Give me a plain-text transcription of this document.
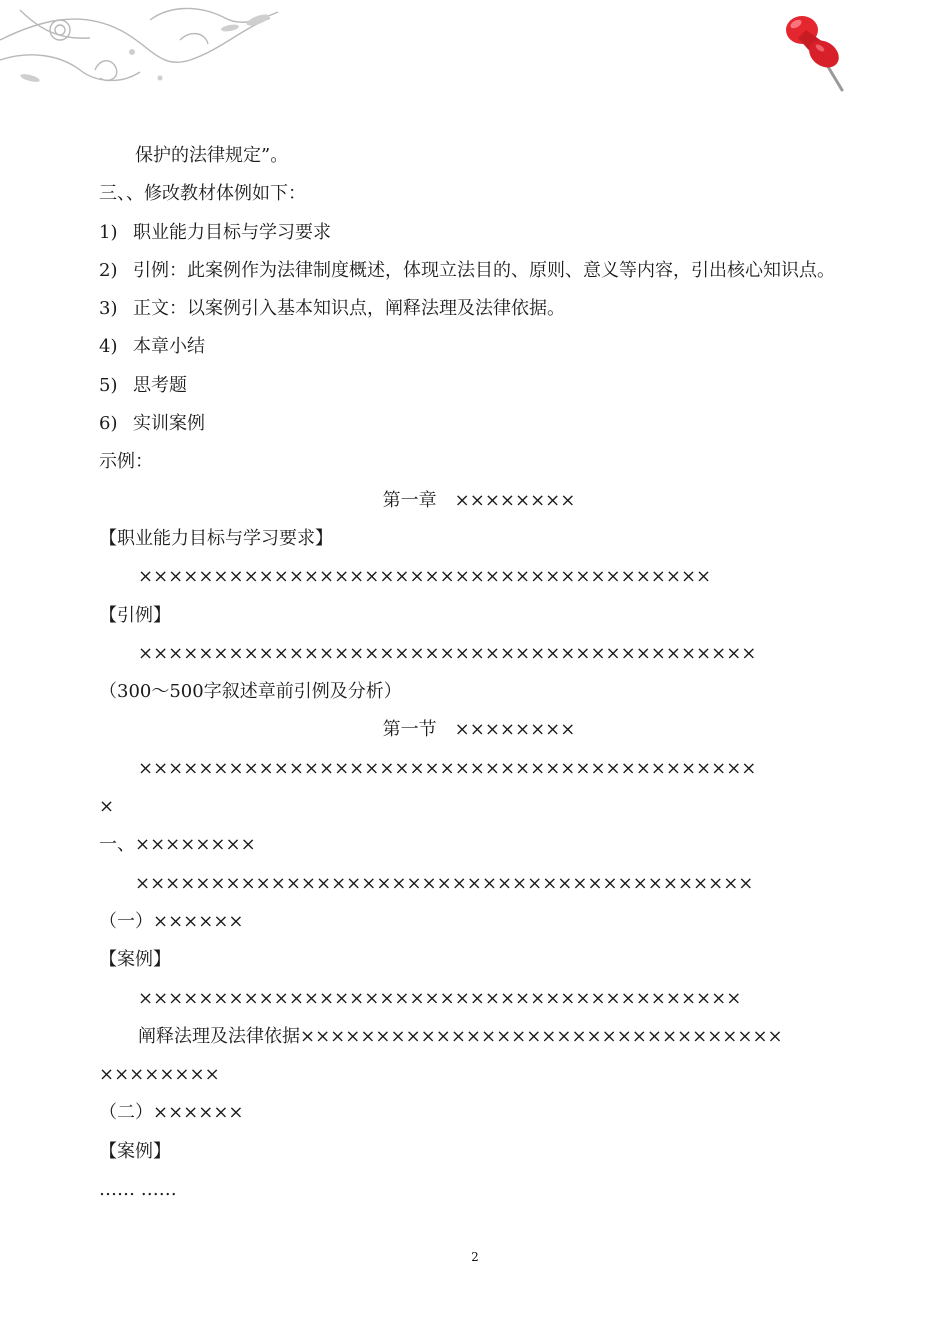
保护的法律规定”。
三、、修改教材体例如下：
1) 职业能力目标与学习要求
2) 引例：此案例作为法律制度概述，体现立法目的、原则、意义等内容，引出核心知识点。
3) 正文：以案例引入基本知识点，阐释法理及法律依据。
4) 本章小结
5) 思考题
6) 实训案例
示例：
第一章　××××××××
【职业能力目标与学习要求】
××××××××××××××××××××××××××××××××××××××
【引例】
×××××××××××××××××××××××××××××××××××××××××
（300～500字叙述章前引例及分析）
第一节　××××××××
×××××××××××××××××××××××××××××××××××××××××
×
一、××××××××
×××××××××××××××××××××××××××××××××××××××××
（一）××××××
【案例】
××××××××××××××××××××××××××××××××××××××××
阐释法理及法律依据××××××××××××××××××××××××××××××××
××××××××
（二）××××××
【案例】
…… ……
2
